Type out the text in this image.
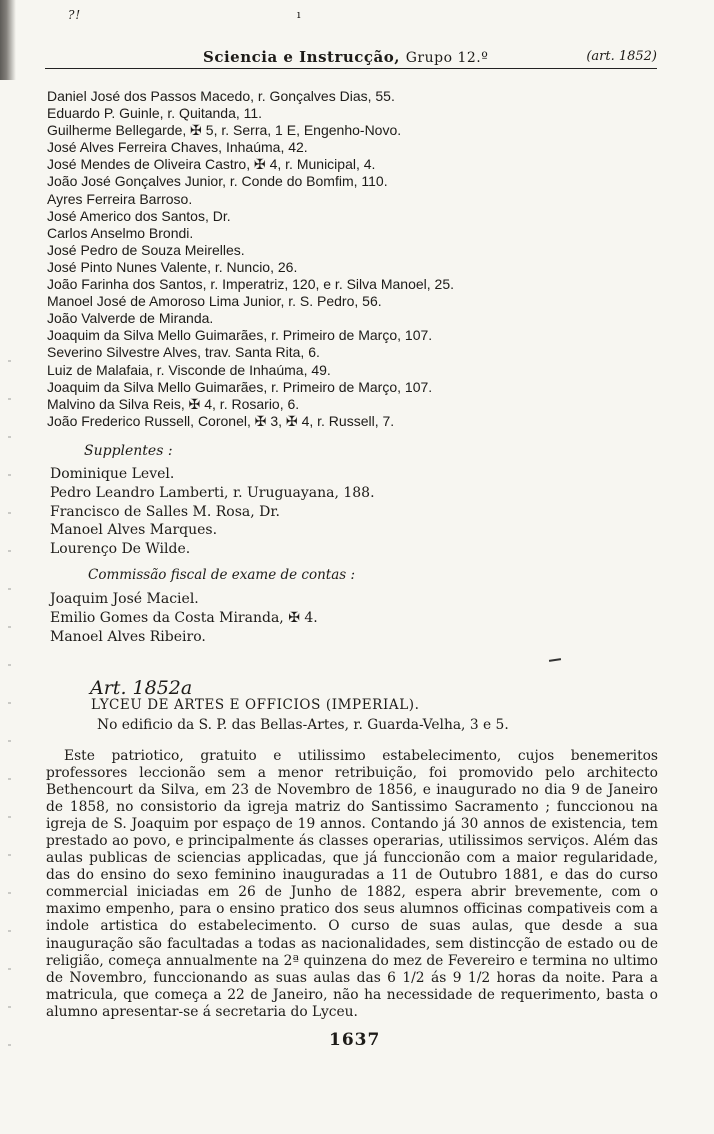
?!	ı
Sciencia e Instrucção, Grupo 12.º	(art. 1852)
Daniel José dos Passos Macedo, r. Gonçalves Dias, 55.
Eduardo P. Guinle, r. Quitanda, 11.
Guilherme Bellegarde, ✠ 5, r. Serra, 1 E, Engenho-Novo.
José Alves Ferreira Chaves, Inhaúma, 42.
José Mendes de Oliveira Castro, ✠ 4, r. Municipal, 4.
João José Gonçalves Junior, r. Conde do Bomfim, 110.
Ayres Ferreira Barroso.
José Americo dos Santos, Dr.
Carlos Anselmo Brondi.
José Pedro de Souza Meirelles.
José Pinto Nunes Valente, r. Nuncio, 26.
João Farinha dos Santos, r. Imperatriz, 120, e r. Silva Manoel, 25.
Manoel José de Amoroso Lima Junior, r. S. Pedro, 56.
João Valverde de Miranda.
Joaquim da Silva Mello Guimarães, r. Primeiro de Março, 107.
Severino Silvestre Alves, trav. Santa Rita, 6.
Luiz de Malafaia, r. Visconde de Inhaúma, 49.
Joaquim da Silva Mello Guimarães, r. Primeiro de Março, 107.
Malvino da Silva Reis, ✠ 4, r. Rosario, 6.
João Frederico Russell, Coronel, ✠ 3, ✠ 4, r. Russell, 7.
Supplentes :
Dominique Level.
Pedro Leandro Lamberti, r. Uruguayana, 188.
Francisco de Salles M. Rosa, Dr.
Manoel Alves Marques.
Lourenço De Wilde.
Commissão fiscal de exame de contas :
Joaquim José Maciel.
Emilio Gomes da Costa Miranda, ✠ 4.
Manoel Alves Ribeiro.
Art. 1852a
LYCEU DE ARTES E OFFICIOS (IMPERIAL).
No edificio da S. P. das Bellas-Artes, r. Guarda-Velha, 3 e 5.
Este patriotico, gratuito e utilissimo estabelecimento, cujos benemeritos professores leccionão sem a menor retribuição, foi promovido pelo architecto Bethencourt da Silva, em 23 de Novembro de 1856, e inaugurado no dia 9 de Janeiro de 1858, no consistorio da igreja matriz do Santissimo Sacramento ; funccionou na igreja de S. Joaquim por espaço de 19 annos. Contando já 30 annos de existencia, tem prestado ao povo, e principalmente ás classes operarias, utilissimos serviços. Além das aulas publicas de sciencias applicadas, que já funccionão com a maior regularidade, das do ensino do sexo feminino inauguradas a 11 de Outubro 1881, e das do curso commercial iniciadas em 26 de Junho de 1882, espera abrir brevemente, com o maximo empenho, para o ensino pratico dos seus alumnos officinas compativeis com a indole artistica do estabelecimento. O curso de suas aulas, que desde a sua inauguração são facultadas a todas as nacionalidades, sem distincção de estado ou de religião, começa annualmente na 2ª quinzena do mez de Fevereiro e termina no ultimo de Novembro, funccionando as suas aulas das 6 1/2 ás 9 1/2 horas da noite. Para a matricula, que começa a 22 de Janeiro, não ha necessidade de requerimento, basta o alumno apresentar-se á secretaria do Lyceu.
1637
